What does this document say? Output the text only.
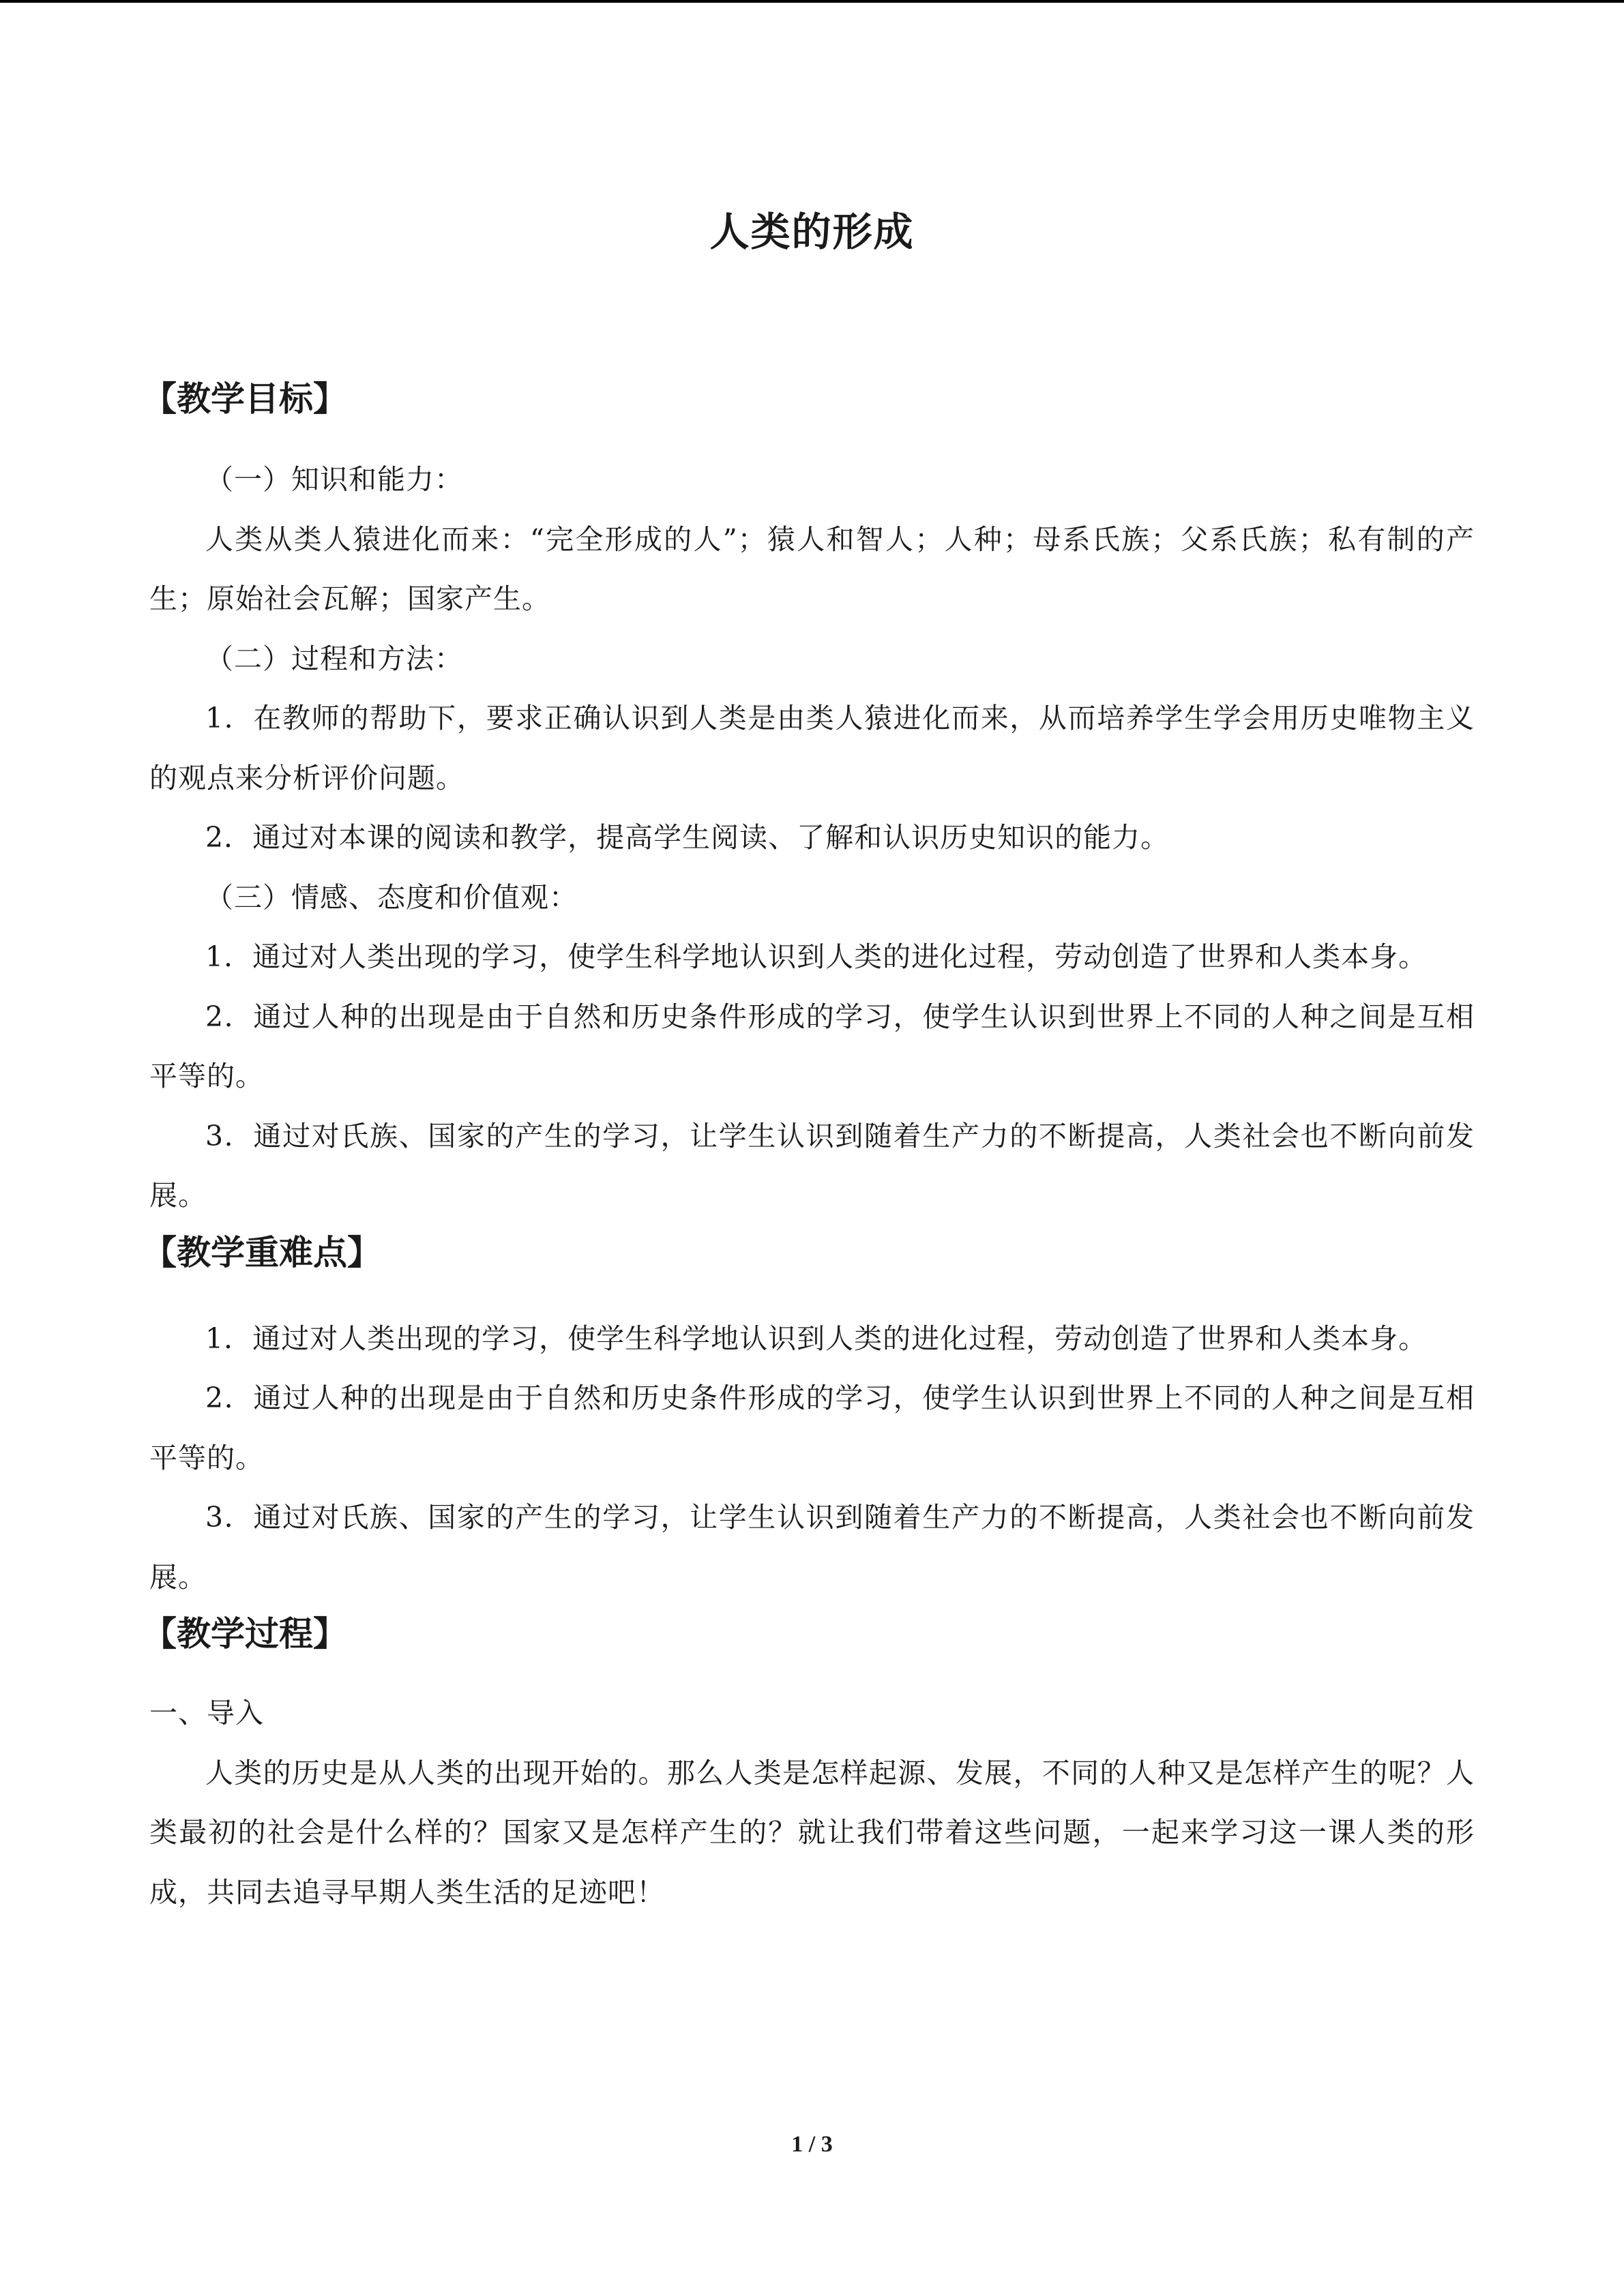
人类的形成
【教学目标】

（一）知识和能力：

人类从类人猿进化而来：“完全形成的人”；猿人和智人；人种；母系氏族；父系氏族；私有制的产生；原始社会瓦解；国家产生。

（二）过程和方法：

1．在教师的帮助下，要求正确认识到人类是由类人猿进化而来，从而培养学生学会用历史唯物主义的观点来分析评价问题。

2．通过对本课的阅读和教学，提高学生阅读、了解和认识历史知识的能力。

（三）情感、态度和价值观：

1．通过对人类出现的学习，使学生科学地认识到人类的进化过程，劳动创造了世界和人类本身。

2．通过人种的出现是由于自然和历史条件形成的学习，使学生认识到世界上不同的人种之间是互相平等的。

3．通过对氏族、国家的产生的学习，让学生认识到随着生产力的不断提高，人类社会也不断向前发展。

【教学重难点】

1．通过对人类出现的学习，使学生科学地认识到人类的进化过程，劳动创造了世界和人类本身。

2．通过人种的出现是由于自然和历史条件形成的学习，使学生认识到世界上不同的人种之间是互相平等的。

3．通过对氏族、国家的产生的学习，让学生认识到随着生产力的不断提高，人类社会也不断向前发展。

【教学过程】

一、导入

人类的历史是从人类的出现开始的。那么人类是怎样起源、发展，不同的人种又是怎样产生的呢？人类最初的社会是什么样的？国家又是怎样产生的？就让我们带着这些问题，一起来学习这一课人类的形成，共同去追寻早期人类生活的足迹吧！

1 / 3
